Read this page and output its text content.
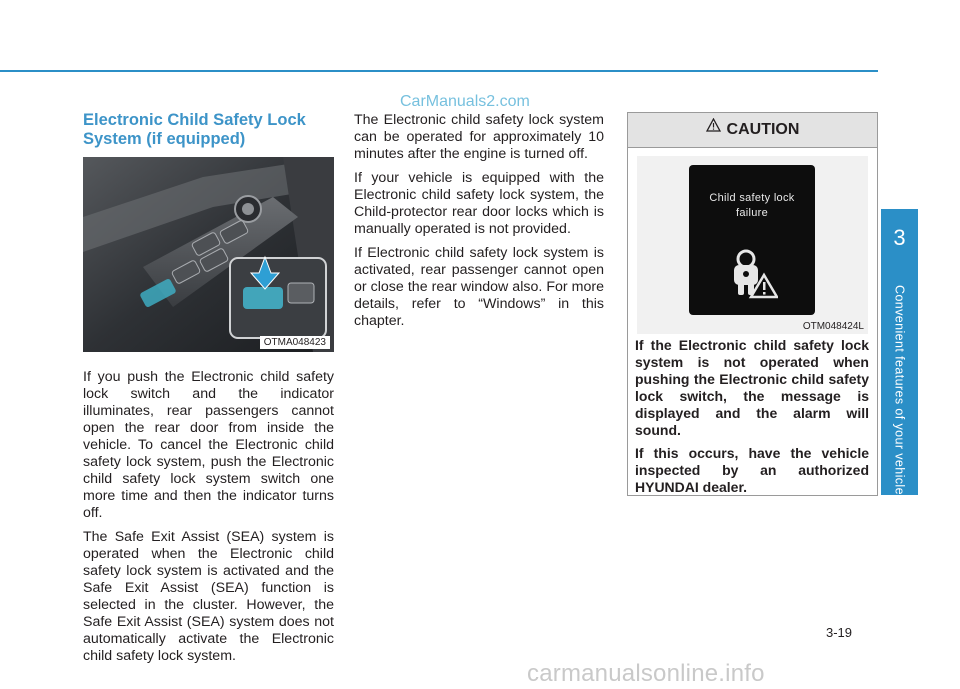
CarManuals2.com
Electronic Child Safety Lock System (if equipped)
OTMA048423

If you push the Electronic child safety lock switch and the indicator illuminates, rear passengers cannot open the rear door from inside the vehicle. To cancel the Electronic child safety lock system, push the Electronic child safety lock system switch one more time and then the indicator turns off.

The Safe Exit Assist (SEA) system is operated when the Electronic child safety lock system is activated and the Safe Exit Assist (SEA) function is selected in the cluster. However, the Safe Exit Assist (SEA) system does not automatically activate the Electronic child safety lock system.

The Electronic child safety lock system can be operated for approximately 10 minutes after the engine is turned off.

If your vehicle is equipped with the Electronic child safety lock system, the Child-protector rear door locks which is manually operated is not provided.

If Electronic child safety lock system is activated, rear passenger cannot open or close the rear window also. For more details, refer to “Windows” in this chapter.

CAUTION
Child safety lock
failure
OTM048424L

If the Electronic child safety lock system is not operated when pushing the Electronic child safety lock switch, the message is displayed and the alarm will sound.

If this occurs, have the vehicle inspected by an authorized HYUNDAI dealer.

3
Convenient features of your vehicle
3-19
carmanualsonline.info
